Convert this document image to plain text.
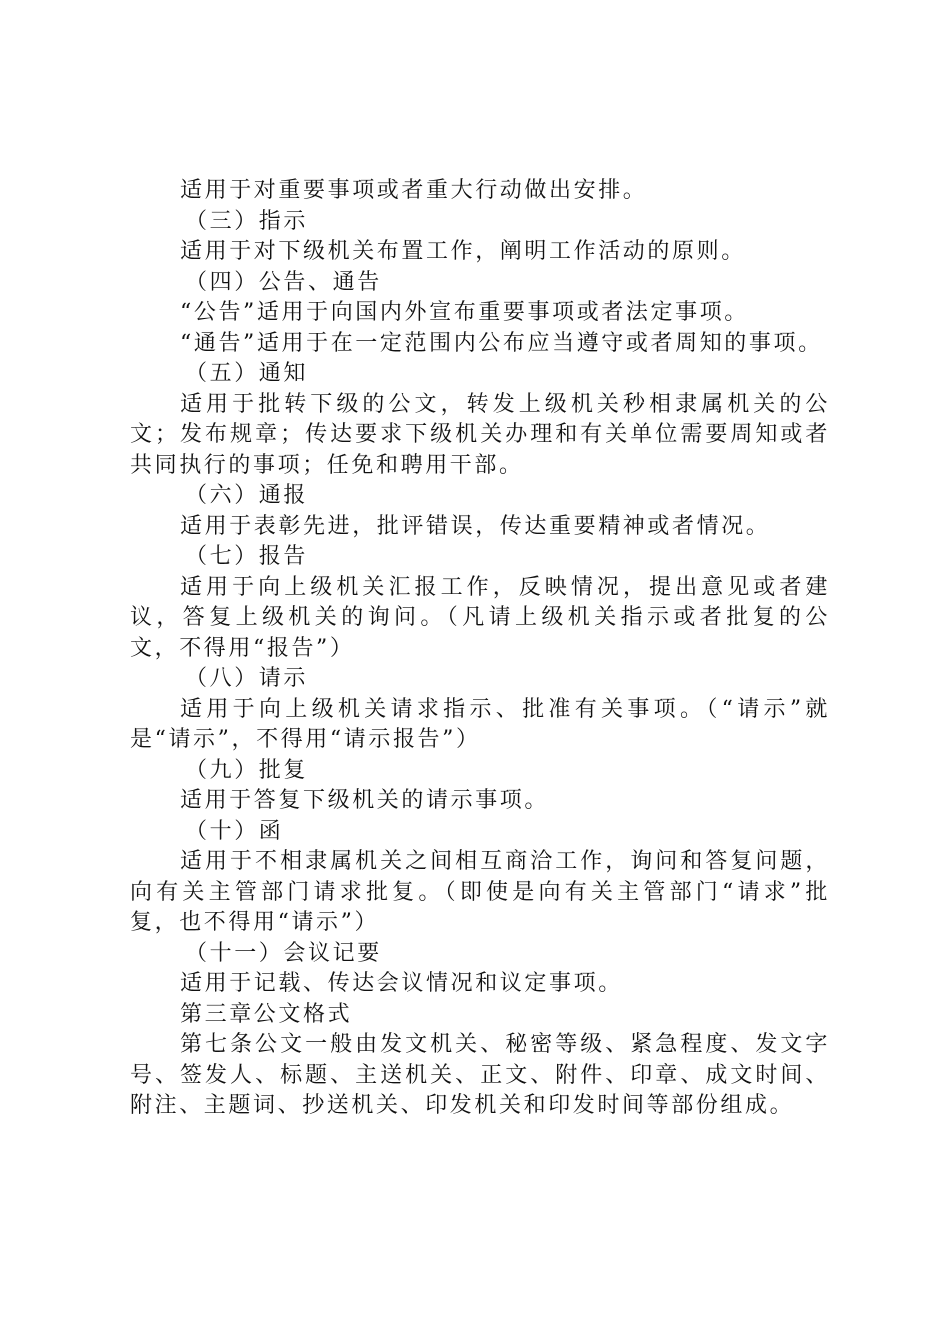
适用于对重要事项或者重大行动做出安排。

（三）指示

适用于对下级机关布置工作，阐明工作活动的原则。

（四）公告、通告

“公告”适用于向国内外宣布重要事项或者法定事项。

“通告”适用于在一定范围内公布应当遵守或者周知的事项。

（五）通知

适用于批转下级的公文，转发上级机关秒相隶属机关的公文；发布规章；传达要求下级机关办理和有关单位需要周知或者共同执行的事项；任免和聘用干部。

（六）通报

适用于表彰先进，批评错误，传达重要精神或者情况。

（七）报告

适用于向上级机关汇报工作，反映情况，提出意见或者建议，答复上级机关的询问。（凡请上级机关指示或者批复的公文，不得用“报告”）

（八）请示

适用于向上级机关请求指示、批准有关事项。（“请示”就是“请示”，不得用“请示报告”）

（九）批复

适用于答复下级机关的请示事项。

（十）函

适用于不相隶属机关之间相互商洽工作，询问和答复问题，向有关主管部门请求批复。（即使是向有关主管部门“请求”批复，也不得用“请示”）

（十一）会议记要

适用于记载、传达会议情况和议定事项。

第三章公文格式

第七条公文一般由发文机关、秘密等级、紧急程度、发文字号、签发人、标题、主送机关、正文、附件、印章、成文时间、附注、主题词、抄送机关、印发机关和印发时间等部份组成。
